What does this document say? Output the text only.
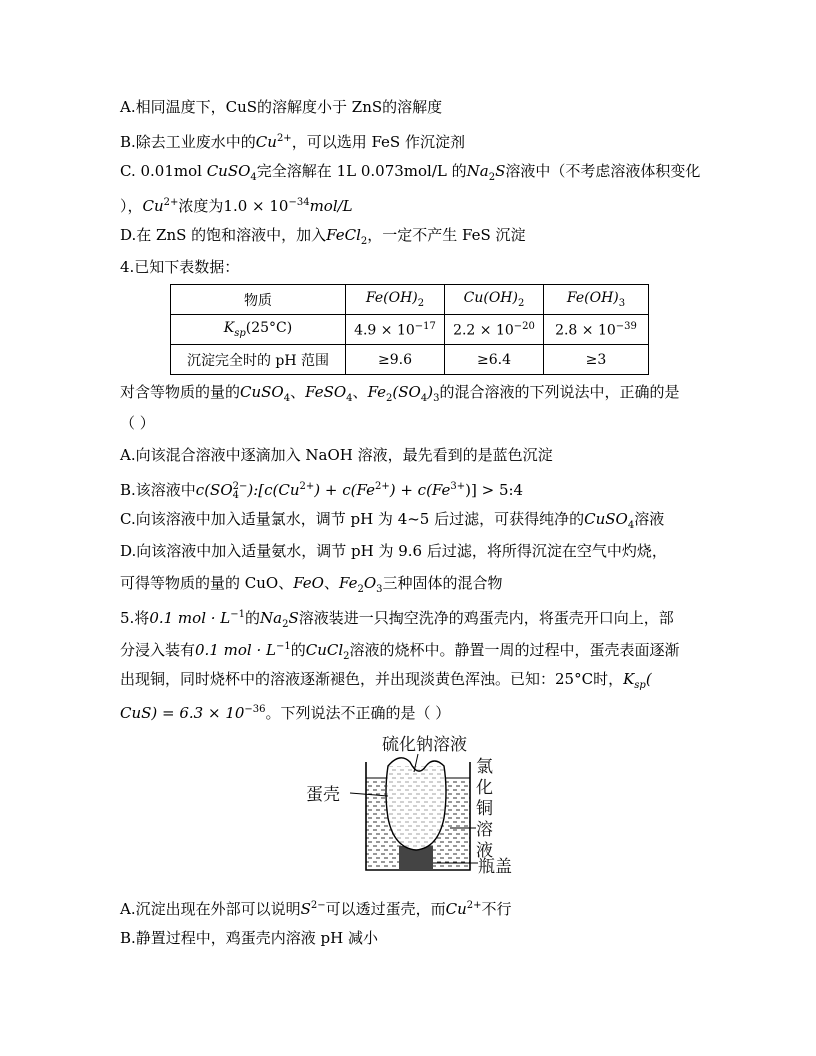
A.相同温度下，CuS的溶解度小于 ZnS的溶解度
B.除去工业废水中的$Cu^{2+}$，可以选用 FeS 作沉淀剂
C. 0.01mol CuSO$_4$完全溶解在 1L 0.073mol/L 的$Na_2S$溶液中（不考虑溶液体积变化
），$Cu^{2+}$浓度为$1.0 \times 10^{-34}mol/L$
D.在 ZnS 的饱和溶液中，加入FeCl$_2$，一定不产生 FeS 沉淀
4.已知下表数据：
物质	$Fe(OH)_2$	$Cu(OH)_2$	$Fe(OH)_3$
$K_{sp}(25^\circ C)$	$4.9 \times 10^{-17}$	$2.2 \times 10^{-20}$	$2.8 \times 10^{-39}$
沉淀完全时的 pH 范围	≥9.6	≥6.4	≥3
对含等物质的量的CuSO$_4$、FeSO$_4$、$Fe_2(SO_4)_3$的混合溶液的下列说法中，正确的是
（ ）
A.向该混合溶液中逐滴加入 NaOH 溶液，最先看到的是蓝色沉淀
B.该溶液中c(SO2−
4 )$:[c(Cu^{2+}) + c(Fe^{2+}) + c(Fe^{3+})]$ > 5:4
C.向该溶液中加入适量氯水，调节 pH 为 4~5 后过滤，可获得纯净的CuSO$_4$溶液
D.向该溶液中加入适量氨水，调节 pH 为 9.6 后过滤，将所得沉淀在空气中灼烧，
可得等物质的量的 CuO、FeO、$Fe_2O_3$三种固体的混合物
5.将0.1 mol · $L^{-1}$的$Na_2S$溶液装进一只掏空洗净的鸡蛋壳内，将蛋壳开口向上，部
分浸入装有0.1 mol · $L^{-1}$的CuCl$_2$溶液的烧杯中。静置一周的过程中，蛋壳表面逐渐
出现铜，同时烧杯中的溶液逐渐褪色，并出现淡黄色浑浊。已知：25°C时，$K_{sp}$(
$CuS) = 6.3 \times 10^{-36}$。下列说法不正确的是（ ）
硫化钠溶液
蛋壳
氯
化
铜
溶
液
瓶盖
A.沉淀出现在外部可以说明$S^{2-}$可以透过蛋壳，而$Cu^{2+}$不行
B.静置过程中，鸡蛋壳内溶液 pH 减小
